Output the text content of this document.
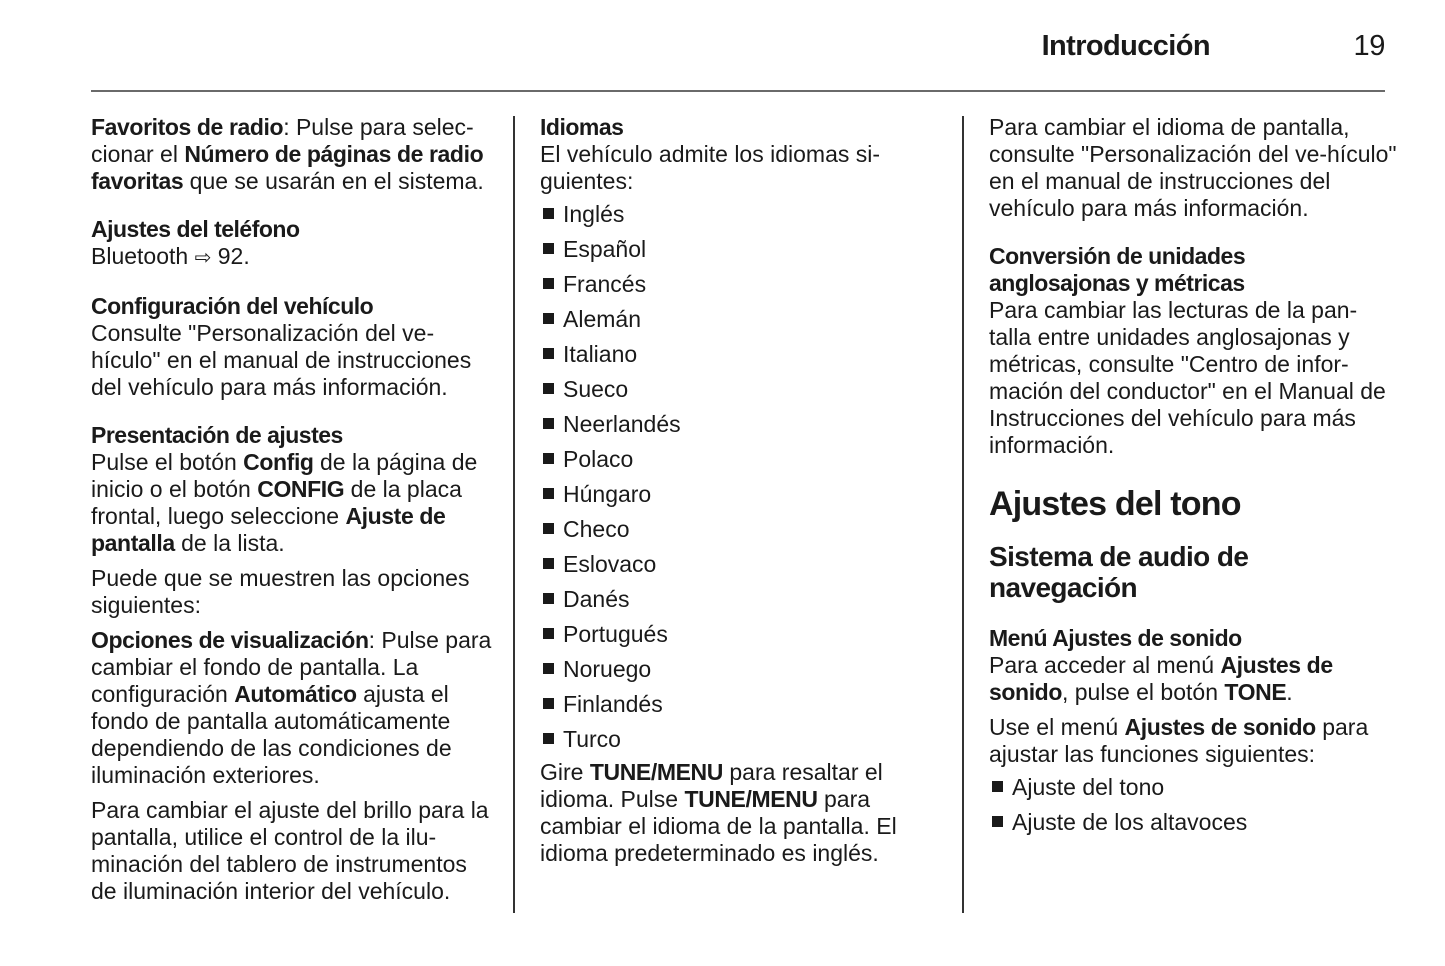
Introducción	19

Favoritos de radio: Pulse para selec-cionar el Número de páginas de radio favoritas que se usarán en el sistema.

Ajustes del teléfono
Bluetooth ⇨ 92.

Configuración del vehículo
Consulte "Personalización del ve-hículo" en el manual de instrucciones del vehículo para más información.

Presentación de ajustes
Pulse el botón Config de la página de inicio o el botón CONFIG de la placa frontal, luego seleccione Ajuste de pantalla de la lista.

Puede que se muestren las opciones siguientes:

Opciones de visualización: Pulse para cambiar el fondo de pantalla. La configuración Automático ajusta el fondo de pantalla automáticamente dependiendo de las condiciones de iluminación exteriores.

Para cambiar el ajuste del brillo para la pantalla, utilice el control de la ilu-minación del tablero de instrumentos de iluminación interior del vehículo.

Idiomas
El vehículo admite los idiomas si-guientes:
Inglés
Español
Francés
Alemán
Italiano
Sueco
Neerlandés
Polaco
Húngaro
Checo
Eslovaco
Danés
Portugués
Noruego
Finlandés
Turco

Gire TUNE/MENU para resaltar el idioma. Pulse TUNE/MENU para cambiar el idioma de la pantalla. El idioma predeterminado es inglés.

Para cambiar el idioma de pantalla, consulte "Personalización del ve-hículo" en el manual de instrucciones del vehículo para más información.

Conversión de unidades anglosajonas y métricas
Para cambiar las lecturas de la pan-talla entre unidades anglosajonas y métricas, consulte "Centro de infor-mación del conductor" en el Manual de Instrucciones del vehículo para más información.

Ajustes del tono
Sistema de audio de navegación

Menú Ajustes de sonido
Para acceder al menú Ajustes de sonido, pulse el botón TONE.

Use el menú Ajustes de sonido para ajustar las funciones siguientes:

Ajuste del tono
Ajuste de los altavoces
